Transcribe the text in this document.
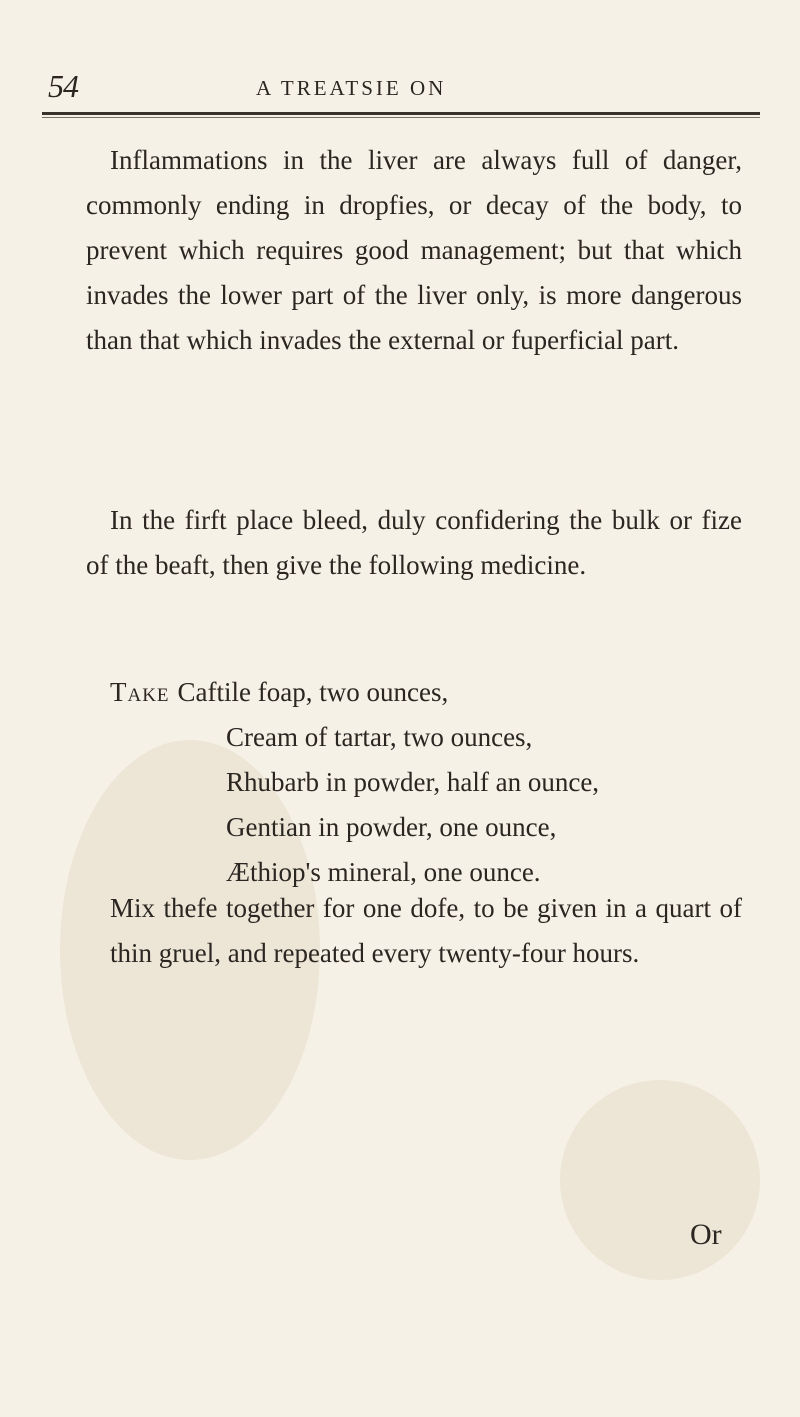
54	A TREATSIE ON

Inflammations in the liver are always full of danger, commonly ending in dropfies, or decay of the body, to prevent which requires good management; but that which invades the lower part of the liver only, is more dangerous than that which invades the external or fuperficial part.

In the firft place bleed, duly confidering the bulk or fize of the beaft, then give the following medicine.

Take Caftile foap, two ounces,
Cream of tartar, two ounces,
Rhubarb in powder, half an ounce,
Gentian in powder, one ounce,
Æthiop's mineral, one ounce.

Mix thefe together for one dofe, to be given in a quart of thin gruel, and repeated every twenty-four hours.

Or
